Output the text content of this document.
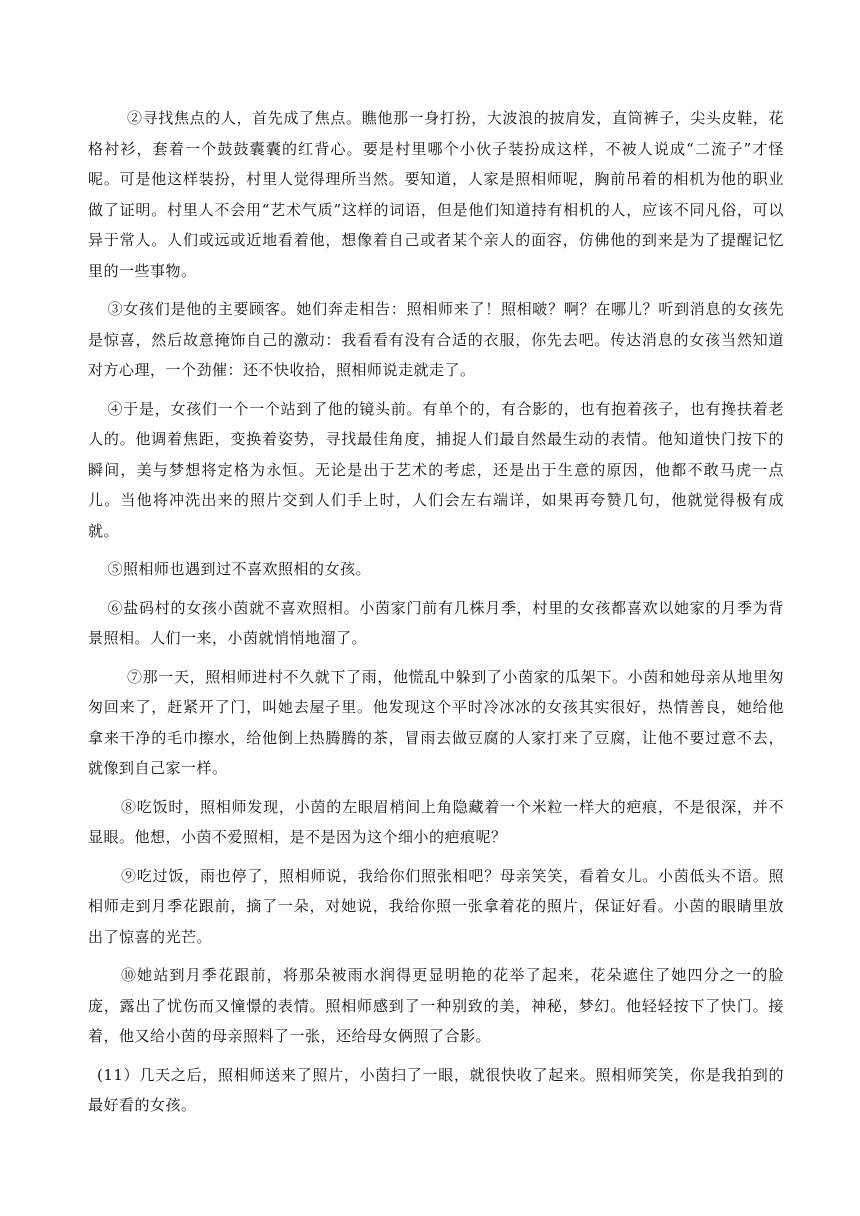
②寻找焦点的人，首先成了焦点。瞧他那一身打扮，大波浪的披肩发，直筒裤子，尖头皮鞋，花格衬衫，套着一个鼓鼓囊囊的红背心。要是村里哪个小伙子装扮成这样，不被人说成“二流子”才怪呢。可是他这样装扮，村里人觉得理所当然。要知道，人家是照相师呢，胸前吊着的相机为他的职业做了证明。村里人不会用“艺术气质”这样的词语，但是他们知道持有相机的人，应该不同凡俗，可以异于常人。人们或远或近地看着他，想像着自己或者某个亲人的面容，仿佛他的到来是为了提醒记忆里的一些事物。

③女孩们是他的主要顾客。她们奔走相告：照相师来了！照相啵？啊？在哪儿？听到消息的女孩先是惊喜，然后故意掩饰自己的激动：我看看有没有合适的衣服，你先去吧。传达消息的女孩当然知道对方心理，一个劲催：还不快收拾，照相师说走就走了。

④于是，女孩们一个一个站到了他的镜头前。有单个的，有合影的，也有抱着孩子，也有搀扶着老人的。他调着焦距，变换着姿势，寻找最佳角度，捕捉人们最自然最生动的表情。他知道快门按下的瞬间，美与梦想将定格为永恒。无论是出于艺术的考虑，还是出于生意的原因，他都不敢马虎一点儿。当他将冲洗出来的照片交到人们手上时，人们会左右端详，如果再夸赞几句，他就觉得极有成就。

⑤照相师也遇到过不喜欢照相的女孩。

⑥盐码村的女孩小茵就不喜欢照相。小茵家门前有几株月季，村里的女孩都喜欢以她家的月季为背景照相。人们一来，小茵就悄悄地溜了。

⑦那一天，照相师进村不久就下了雨，他慌乱中躲到了小茵家的瓜架下。小茵和她母亲从地里匆匆回来了，赶紧开了门，叫她去屋子里。他发现这个平时冷冰冰的女孩其实很好，热情善良，她给他拿来干净的毛巾擦水，给他倒上热腾腾的茶，冒雨去做豆腐的人家打来了豆腐，让他不要过意不去，就像到自己家一样。

⑧吃饭时，照相师发现，小茵的左眼眉梢间上角隐藏着一个米粒一样大的疤痕，不是很深，并不显眼。他想，小茵不爱照相，是不是因为这个细小的疤痕呢？

⑨吃过饭，雨也停了，照相师说，我给你们照张相吧？母亲笑笑，看着女儿。小茵低头不语。照相师走到月季花跟前，摘了一朵，对她说，我给你照一张拿着花的照片，保证好看。小茵的眼睛里放出了惊喜的光芒。

⑩她站到月季花跟前，将那朵被雨水润得更显明艳的花举了起来，花朵遮住了她四分之一的脸庞，露出了忧伤而又憧憬的表情。照相师感到了一种别致的美，神秘，梦幻。他轻轻按下了快门。接着，他又给小茵的母亲照料了一张，还给母女俩照了合影。

(11）几天之后，照相师送来了照片，小茵扫了一眼，就很快收了起来。照相师笑笑，你是我拍到的最好看的女孩。
